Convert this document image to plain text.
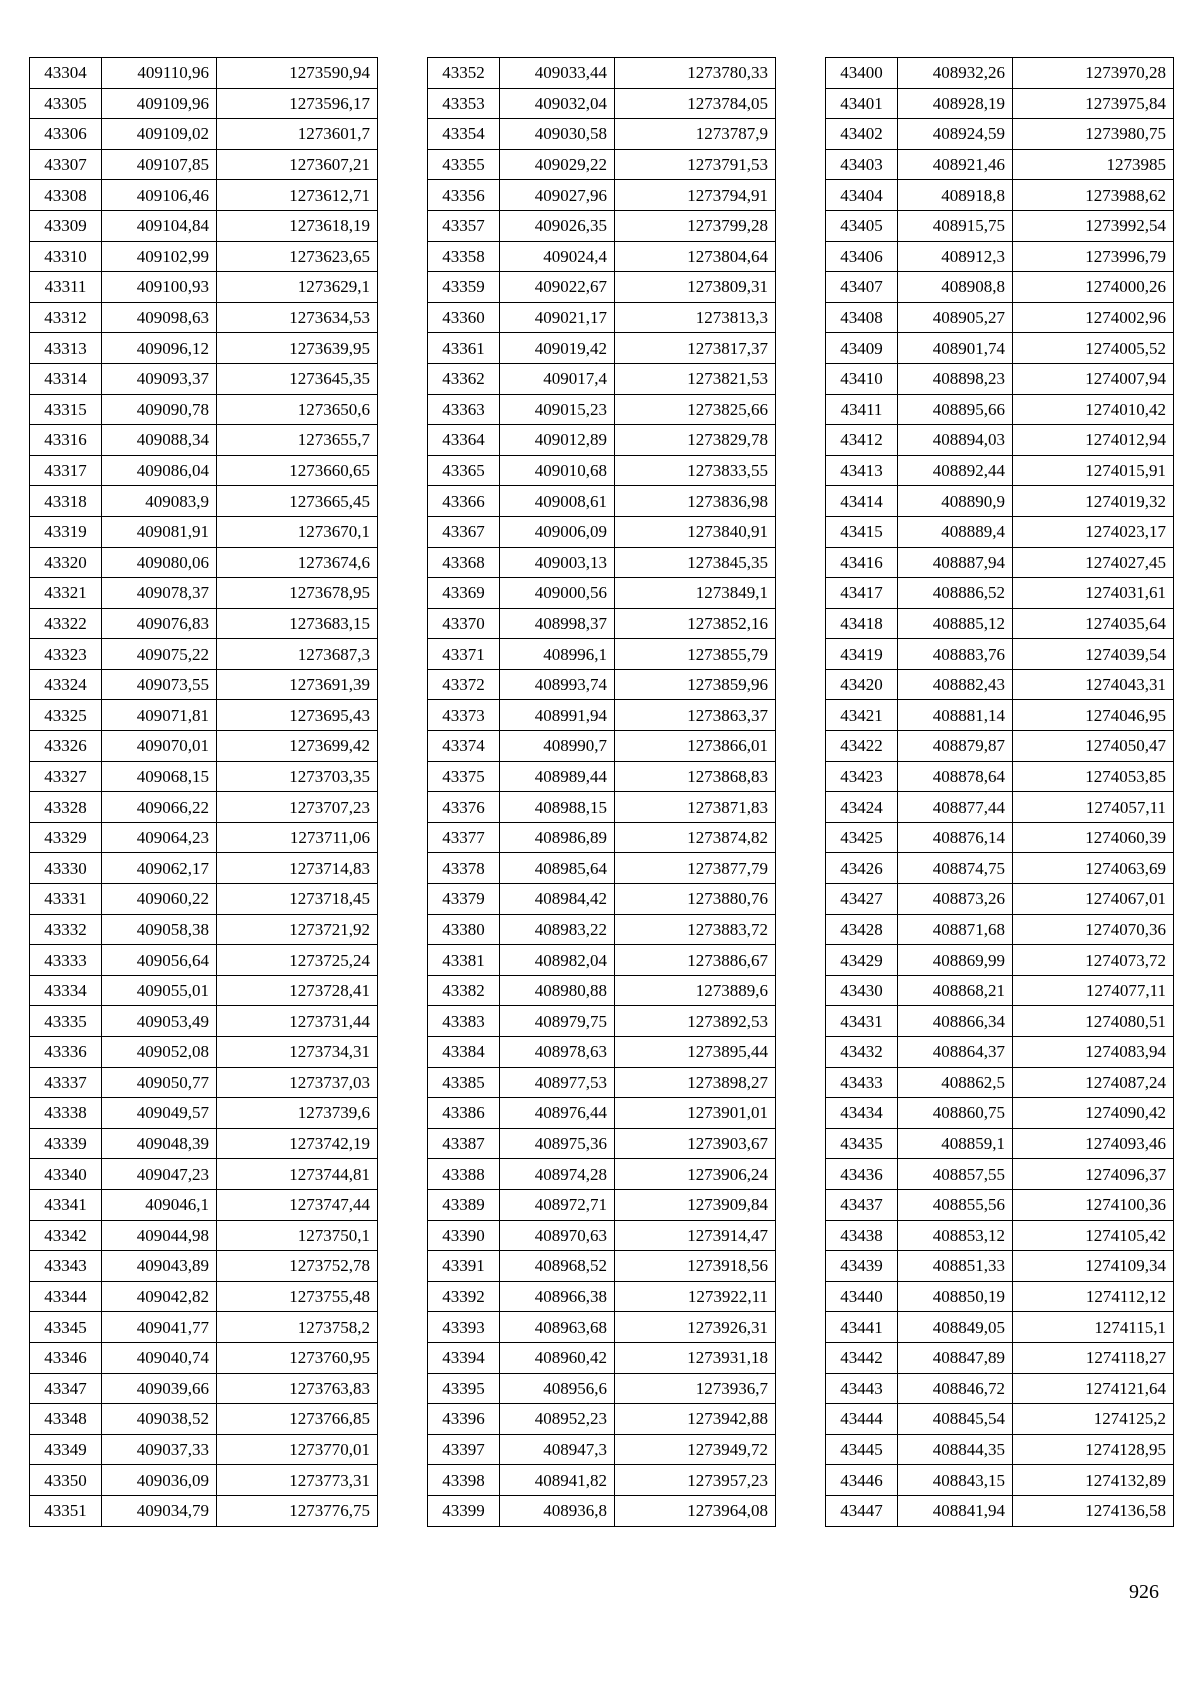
43304	409110,96	1273590,94
43305	409109,96	1273596,17
43306	409109,02	1273601,7
43307	409107,85	1273607,21
43308	409106,46	1273612,71
43309	409104,84	1273618,19
43310	409102,99	1273623,65
43311	409100,93	1273629,1
43312	409098,63	1273634,53
43313	409096,12	1273639,95
43314	409093,37	1273645,35
43315	409090,78	1273650,6
43316	409088,34	1273655,7
43317	409086,04	1273660,65
43318	409083,9	1273665,45
43319	409081,91	1273670,1
43320	409080,06	1273674,6
43321	409078,37	1273678,95
43322	409076,83	1273683,15
43323	409075,22	1273687,3
43324	409073,55	1273691,39
43325	409071,81	1273695,43
43326	409070,01	1273699,42
43327	409068,15	1273703,35
43328	409066,22	1273707,23
43329	409064,23	1273711,06
43330	409062,17	1273714,83
43331	409060,22	1273718,45
43332	409058,38	1273721,92
43333	409056,64	1273725,24
43334	409055,01	1273728,41
43335	409053,49	1273731,44
43336	409052,08	1273734,31
43337	409050,77	1273737,03
43338	409049,57	1273739,6
43339	409048,39	1273742,19
43340	409047,23	1273744,81
43341	409046,1	1273747,44
43342	409044,98	1273750,1
43343	409043,89	1273752,78
43344	409042,82	1273755,48
43345	409041,77	1273758,2
43346	409040,74	1273760,95
43347	409039,66	1273763,83
43348	409038,52	1273766,85
43349	409037,33	1273770,01
43350	409036,09	1273773,31
43351	409034,79	1273776,75
43352	409033,44	1273780,33
43353	409032,04	1273784,05
43354	409030,58	1273787,9
43355	409029,22	1273791,53
43356	409027,96	1273794,91
43357	409026,35	1273799,28
43358	409024,4	1273804,64
43359	409022,67	1273809,31
43360	409021,17	1273813,3
43361	409019,42	1273817,37
43362	409017,4	1273821,53
43363	409015,23	1273825,66
43364	409012,89	1273829,78
43365	409010,68	1273833,55
43366	409008,61	1273836,98
43367	409006,09	1273840,91
43368	409003,13	1273845,35
43369	409000,56	1273849,1
43370	408998,37	1273852,16
43371	408996,1	1273855,79
43372	408993,74	1273859,96
43373	408991,94	1273863,37
43374	408990,7	1273866,01
43375	408989,44	1273868,83
43376	408988,15	1273871,83
43377	408986,89	1273874,82
43378	408985,64	1273877,79
43379	408984,42	1273880,76
43380	408983,22	1273883,72
43381	408982,04	1273886,67
43382	408980,88	1273889,6
43383	408979,75	1273892,53
43384	408978,63	1273895,44
43385	408977,53	1273898,27
43386	408976,44	1273901,01
43387	408975,36	1273903,67
43388	408974,28	1273906,24
43389	408972,71	1273909,84
43390	408970,63	1273914,47
43391	408968,52	1273918,56
43392	408966,38	1273922,11
43393	408963,68	1273926,31
43394	408960,42	1273931,18
43395	408956,6	1273936,7
43396	408952,23	1273942,88
43397	408947,3	1273949,72
43398	408941,82	1273957,23
43399	408936,8	1273964,08
43400	408932,26	1273970,28
43401	408928,19	1273975,84
43402	408924,59	1273980,75
43403	408921,46	1273985
43404	408918,8	1273988,62
43405	408915,75	1273992,54
43406	408912,3	1273996,79
43407	408908,8	1274000,26
43408	408905,27	1274002,96
43409	408901,74	1274005,52
43410	408898,23	1274007,94
43411	408895,66	1274010,42
43412	408894,03	1274012,94
43413	408892,44	1274015,91
43414	408890,9	1274019,32
43415	408889,4	1274023,17
43416	408887,94	1274027,45
43417	408886,52	1274031,61
43418	408885,12	1274035,64
43419	408883,76	1274039,54
43420	408882,43	1274043,31
43421	408881,14	1274046,95
43422	408879,87	1274050,47
43423	408878,64	1274053,85
43424	408877,44	1274057,11
43425	408876,14	1274060,39
43426	408874,75	1274063,69
43427	408873,26	1274067,01
43428	408871,68	1274070,36
43429	408869,99	1274073,72
43430	408868,21	1274077,11
43431	408866,34	1274080,51
43432	408864,37	1274083,94
43433	408862,5	1274087,24
43434	408860,75	1274090,42
43435	408859,1	1274093,46
43436	408857,55	1274096,37
43437	408855,56	1274100,36
43438	408853,12	1274105,42
43439	408851,33	1274109,34
43440	408850,19	1274112,12
43441	408849,05	1274115,1
43442	408847,89	1274118,27
43443	408846,72	1274121,64
43444	408845,54	1274125,2
43445	408844,35	1274128,95
43446	408843,15	1274132,89
43447	408841,94	1274136,58
926
